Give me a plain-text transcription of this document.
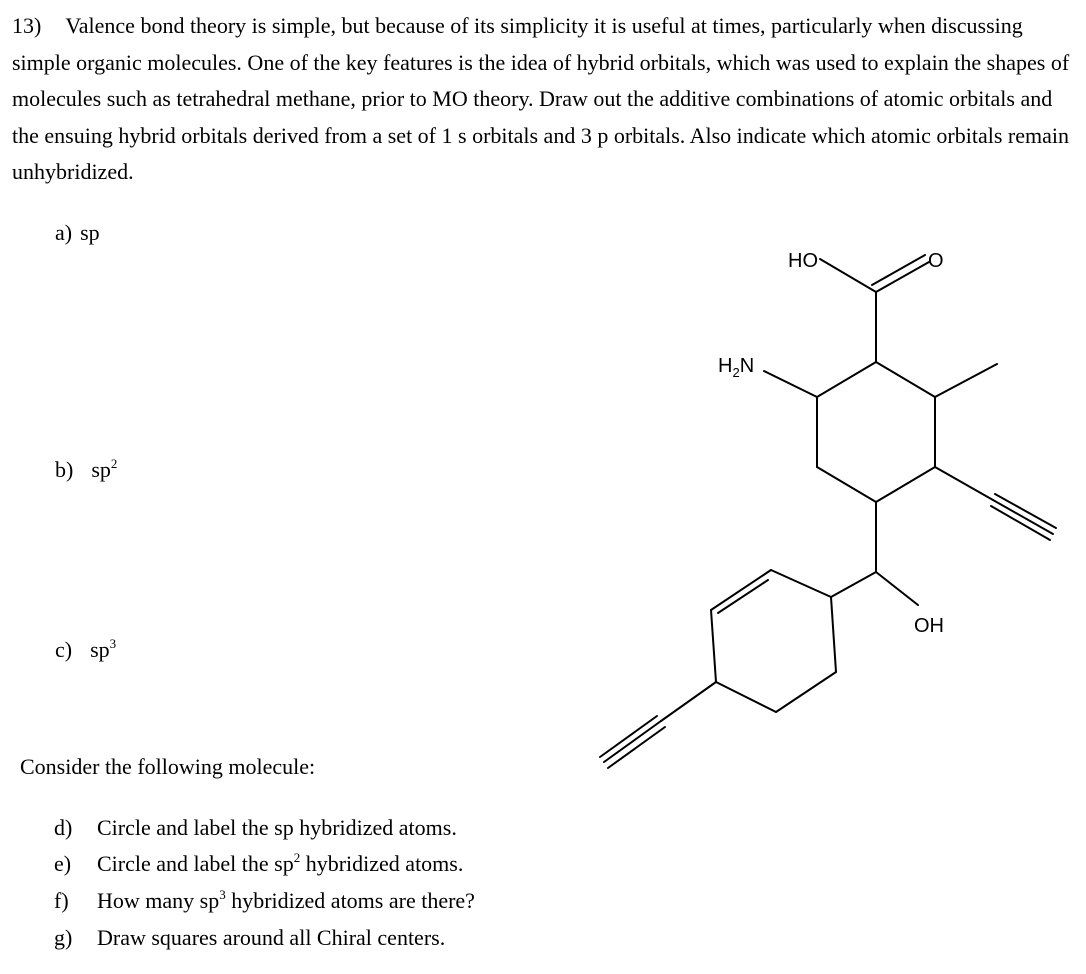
13) Valence bond theory is simple, but because of its simplicity it is useful at times, particularly when discussing simple organic molecules. One of the key features is the idea of hybrid orbitals, which was used to explain the shapes of molecules such as tetrahedral methane, prior to MO theory. Draw out the additive combinations of atomic orbitals and the ensuing hybrid orbitals derived from a set of 1 s orbitals and 3 p orbitals. Also indicate which atomic orbitals remain unhybridized.

a) sp
b) $sp^2$
c) $sp^3$
Consider the following molecule:
d) Circle and label the sp hybridized atoms.
e) Circle and label the $sp^2$ hybridized atoms.
f) How many $sp^3$ hybridized atoms are there?
g) Draw squares around all Chiral centers.
HO	O
$H_2N$
OH
